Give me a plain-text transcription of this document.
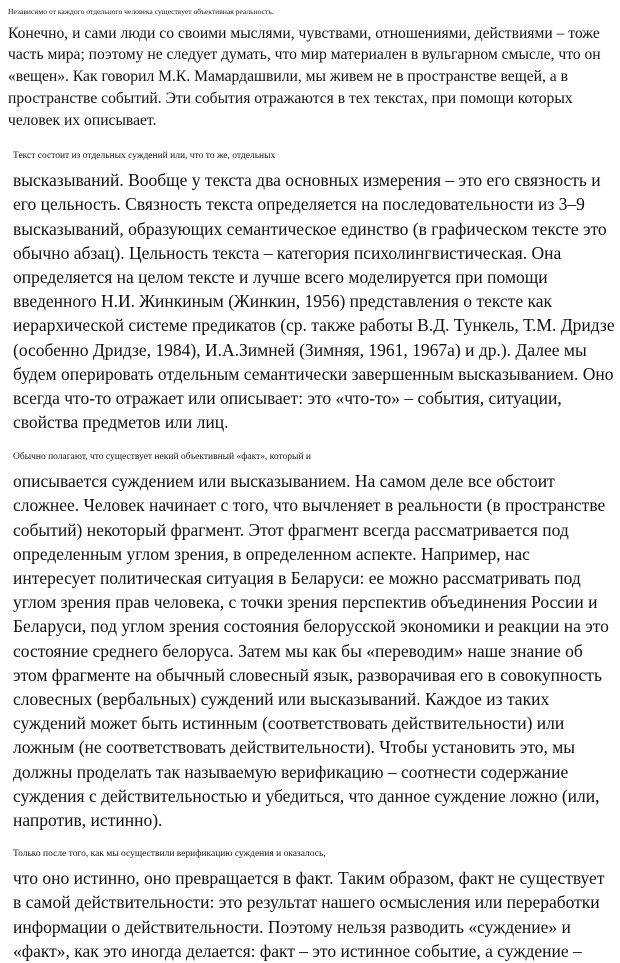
Независимо от каждого отдельного человека существует объективная реальность.
Конечно, и сами люди со своими мыслями, чувствами, отношениями, действиями – тоже
часть мира; поэтому не следует думать, что мир материален в вульгарном смысле, что он
«вещен». Как говорил М.К. Мамардашвили, мы живем не в пространстве вещей, а в
пространстве событий. Эти события отражаются в тех текстах, при помощи которых
человек их описывает.

Текст состоит из отдельных суждений или, что то же, отдельных
высказываний. Вообще у текста два основных измерения – это его связность и
его цельность. Связность текста определяется на последовательности из 3–9
высказываний, образующих семантическое единство (в графическом тексте это
обычно абзац). Цельность текста – категория психолингвистическая. Она
определяется на целом тексте и лучше всего моделируется при помощи
введенного Н.И. Жинкиным (Жинкин, 1956) представления о тексте как
иерархической системе предикатов (ср. также работы В.Д. Тункель, Т.М. Дридзе
(особенно Дридзе, 1984), И.А.Зимней (Зимняя, 1961, 1967а) и др.). Далее мы
будем оперировать отдельным семантически завершенным высказыванием. Оно
всегда что-то отражает или описывает: это «что-то» – события, ситуации,
свойства предметов или лиц.

Обычно полагают, что существует некий объективный «факт», который и
описывается суждением или высказыванием. На самом деле все обстоит
сложнее. Человек начинает с того, что вычленяет в реальности (в пространстве
событий) некоторый фрагмент. Этот фрагмент всегда рассматривается под
определенным углом зрения, в определенном аспекте. Например, нас
интересует политическая ситуация в Беларуси: ее можно рассматривать под
углом зрения прав человека, с точки зрения перспектив объединения России и
Беларуси, под углом зрения состояния белорусской экономики и реакции на это
состояние среднего белоруса. Затем мы как бы «переводим» наше знание об
этом фрагменте на обычный словесный язык, разворачивая его в совокупность
словесных (вербальных) суждений или высказываний. Каждое из таких
суждений может быть истинным (соответствовать действительности) или
ложным (не соответствовать действительности). Чтобы установить это, мы
должны проделать так называемую верификацию – соотнести содержание
суждения с действительностью и убедиться, что данное суждение ложно (или,
напротив, истинно).

Только после того, как мы осуществили верификацию суждения и оказалось,
что оно истинно, оно превращается в факт. Таким образом, факт не существует
в самой действительности: это результат нашего осмысления или переработки
информации о действительности. Поэтому нельзя разводить «суждение» и
«факт», как это иногда делается: факт – это истинное событие, а суждение –
